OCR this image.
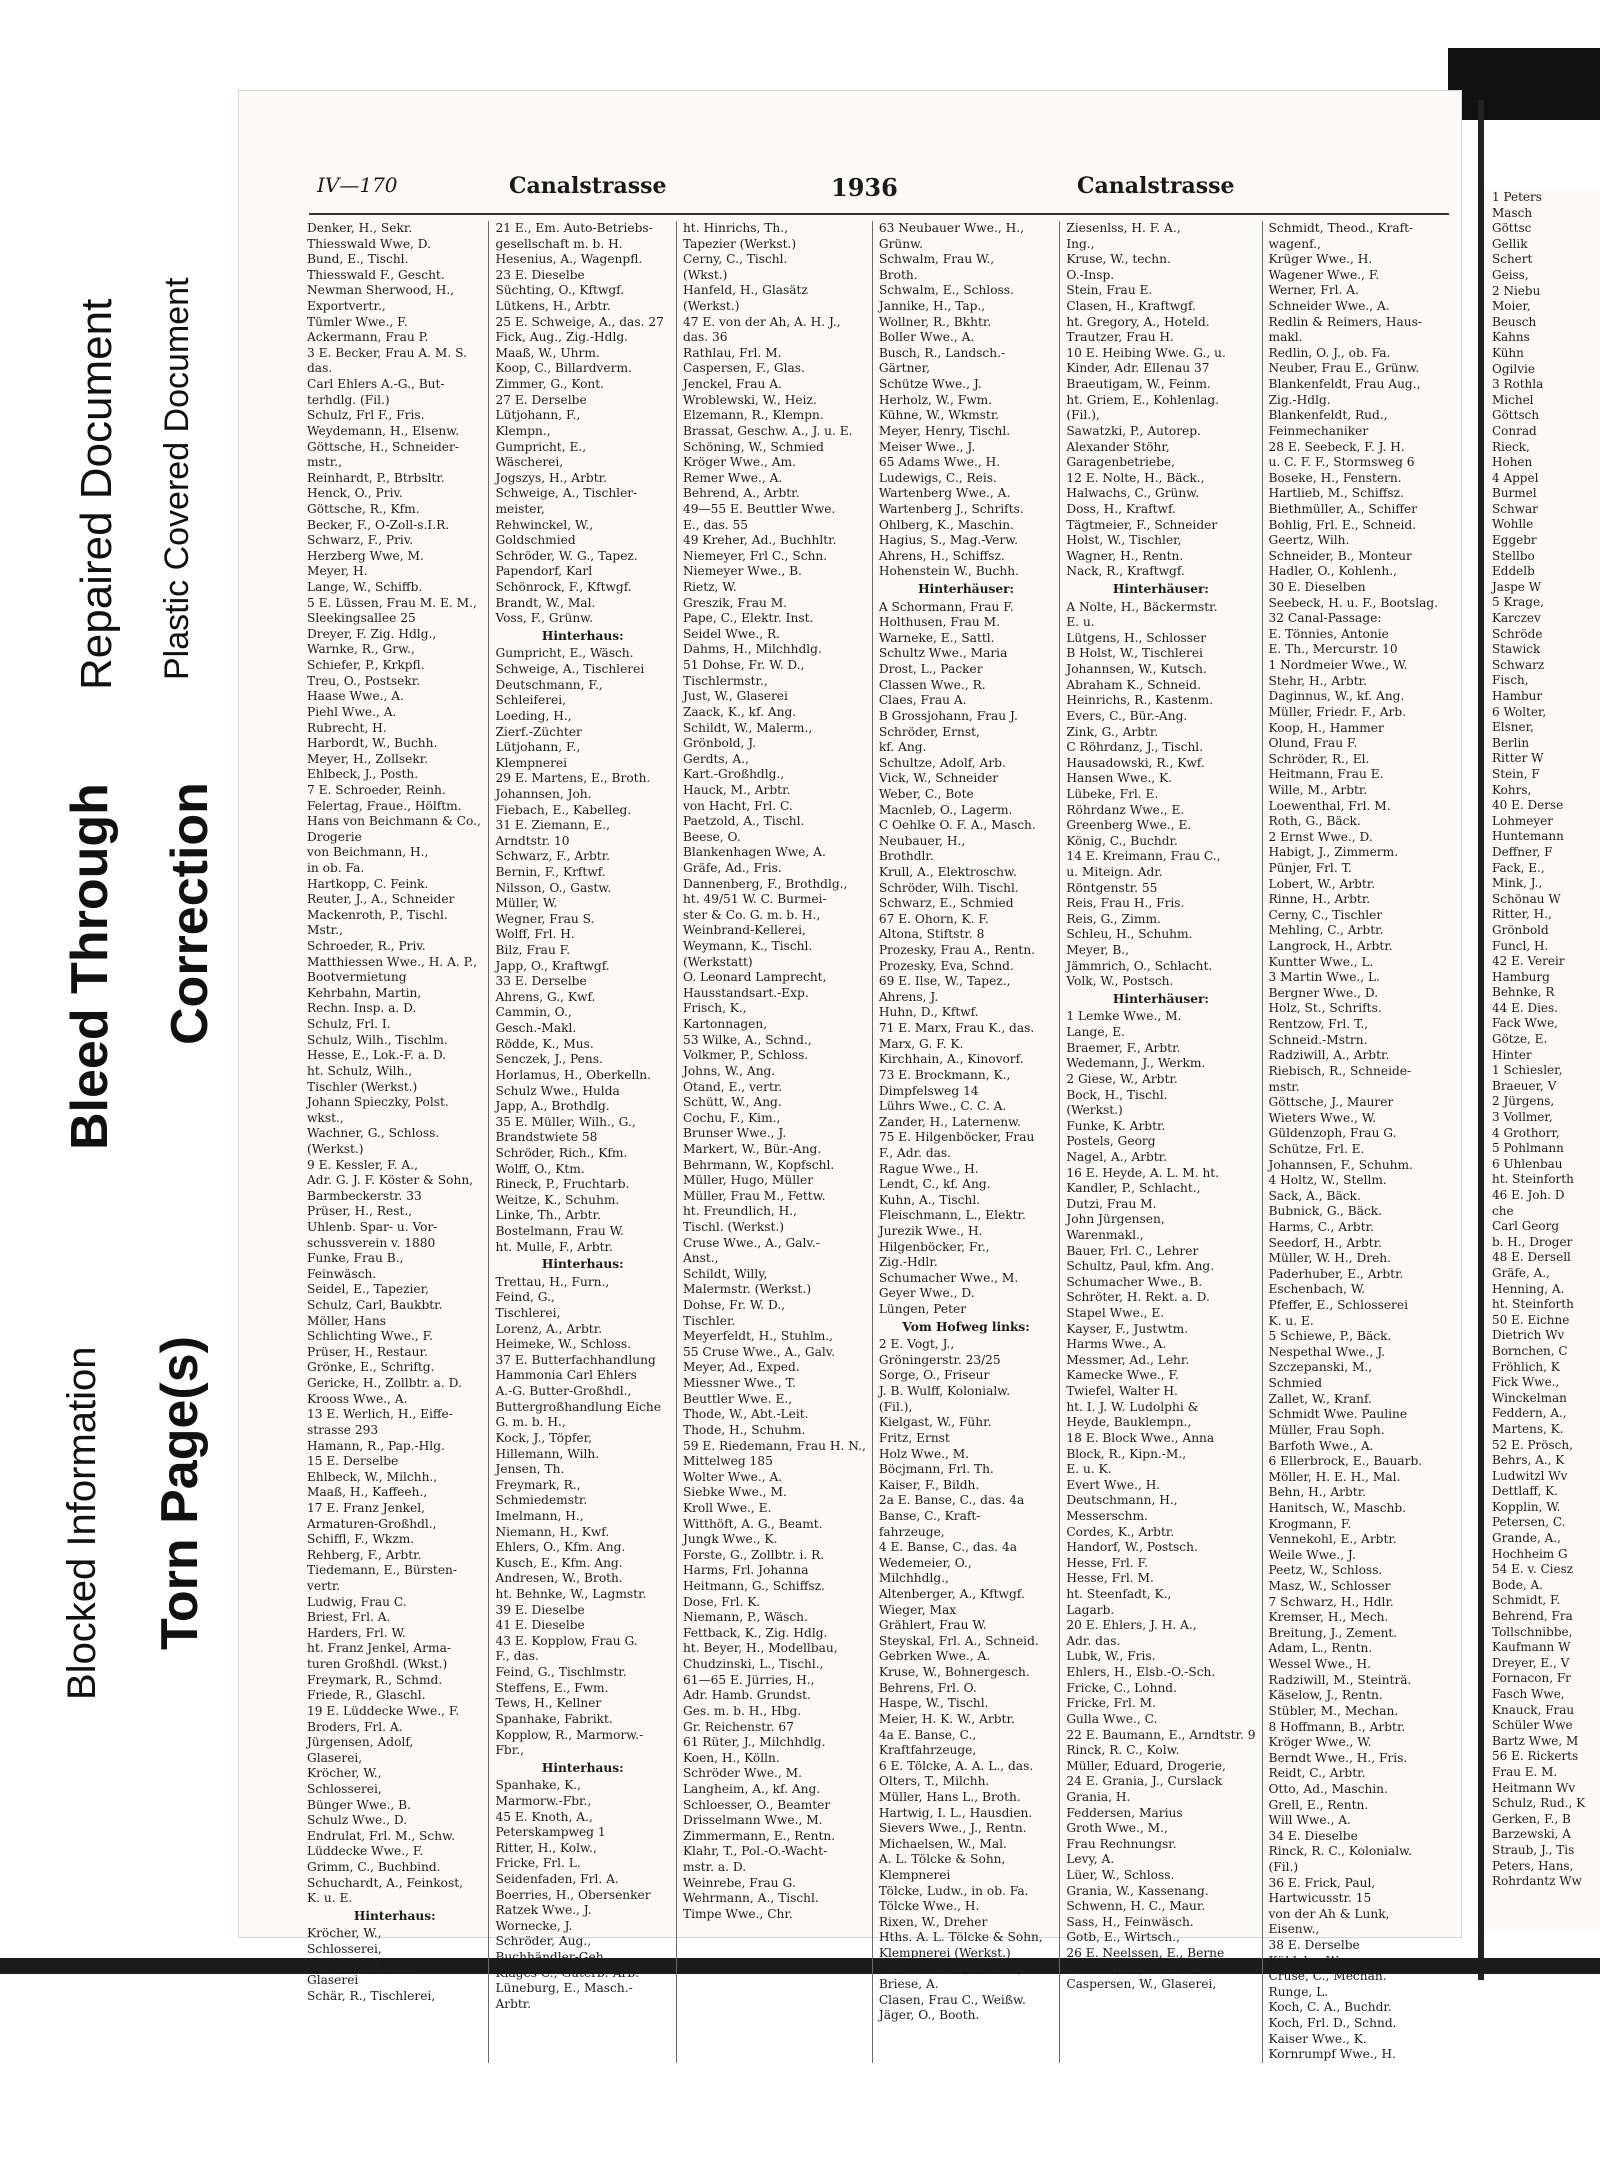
Repaired Document Plastic Covered Document
Bleed Through Correction
Blocked Information Torn Page(s)
IV—170	Canalstrasse	1936	Canalstrasse
Denker, H., Sekr.
Thiesswald Wwe, D.
Bund, E., Tischl.
Thiesswald F., Gescht.
Newman Sherwood, H.,
Exportvertr.,
Tümler Wwe., F.
Ackermann, Frau P.
3 E. Becker, Frau A. M. S.
das.
Carl Ehlers A.-G., But-
terhdlg. (Fil.)
Schulz, Frl F., Fris.
Weydemann, H., Elsenw.
Göttsche, H., Schneider-
mstr.,
Reinhardt, P., Btrbsltr.
Henck, O., Priv.
Göttsche, R., Kfm.
Becker, F., O-Zoll-s.I.R.
Schwarz, F., Priv.
Herzberg Wwe, M.
Meyer, H.
Lange, W., Schiffb.
5 E. Lüssen, Frau M. E. M.,
Sleekingsallee 25
Dreyer, F. Zig. Hdlg.,
Warnke, R., Grw.,
Schiefer, P., Krkpfl.
Treu, O., Postsekr.
Haase Wwe., A.
Piehl Wwe., A.
Rubrecht, H.
Harbordt, W., Buchh.
Meyer, H., Zollsekr.
Ehlbeck, J., Posth.
7 E. Schroeder, Reinh.
Felertag, Fraue., Hölftm.
Hans von Beichmann & Co.,
Drogerie
von Beichmann, H.,
in ob. Fa.
Hartkopp, C. Feink.
Reuter, J., A., Schneider
Mackenroth, P., Tischl.
Mstr.,
Schroeder, R., Priv.
Matthiessen Wwe., H. A. P.,
Bootvermietung
Kehrbahn, Martin,
Rechn. Insp. a. D.
Schulz, Frl. I.
Schulz, Wilh., Tischlm.
Hesse, E., Lok.-F. a. D.
ht. Schulz, Wilh.,
Tischler (Werkst.)
Johann Spieczky, Polst.
wkst.,
Wachner, G., Schloss.
(Werkst.)
9 E. Kessler, F. A.,
Adr. G. J. F. Köster & Sohn,
Barmbeckerstr. 33
Prüser, H., Rest.,
Uhlenb. Spar- u. Vor-
schussverein v. 1880
Funke, Frau B.,
Feinwäsch.
Seidel, E., Tapezier,
Schulz, Carl, Baukbtr.
Möller, Hans
Schlichting Wwe., F.
Prüser, H., Restaur.
Grönke, E., Schriftg.
Gericke, H., Zollbtr. a. D.
Krooss Wwe., A.
13 E. Werlich, H., Eiffe-
strasse 293
Hamann, R., Pap.-Hlg.
15 E. Derselbe
Ehlbeck, W., Milchh.,
Maaß, H., Kaffeeh.,
17 E. Franz Jenkel,
Armaturen-Großhdl.,
Schiffl, F., Wkzm.
Rehberg, F., Arbtr.
Tiedemann, E., Bürsten-
vertr.
Ludwig, Frau C.
Briest, Frl. A.
Harders, Frl. W.
ht. Franz Jenkel, Arma-
turen Großhdl. (Wkst.)
Freymark, R., Schmd.
Friede, R., Glaschl.
19 E. Lüddecke Wwe., F.
Broders, Frl. A.
Jürgensen, Adolf,
Glaserei,
Kröcher, W.,
Schlosserei,
Bünger Wwe., B.
Schulz Wwe., D.
Endrulat, Frl. M., Schw.
Lüddecke Wwe., F.
Grimm, C., Buchbind.
Schuchardt, A., Feinkost,
K. u. E.
Hinterhaus:
Kröcher, W.,
Schlosserei,
Jürgensen, Adolf,
Glaserei
Schär, R., Tischlerei,
21 E., Em. Auto-Betriebs-
gesellschaft m. b. H.
Hesenius, A., Wagenpfl.
23 E. Dieselbe
Süchting, O., Kftwgf.
Lütkens, H., Arbtr.
25 E. Schweige, A., das. 27
Fick, Aug., Zig.-Hdlg.
Maaß, W., Uhrm.
Koop, C., Billardverm.
Zimmer, G., Kont.
27 E. Derselbe
Lütjohann, F.,
Klempn.,
Gumpricht, E.,
Wäscherei,
Jogszys, H., Arbtr.
Schweige, A., Tischler-
meister,
Rehwinckel, W.,
Goldschmied
Schröder, W. G., Tapez.
Papendorf, Karl
Schönrock, F., Kftwgf.
Brandt, W., Mal.
Voss, F., Grünw.
Hinterhaus:
Gumpricht, E., Wäsch.
Schweige, A., Tischlerei
Deutschmann, F.,
Schleiferei,
Loeding, H.,
Zierf.-Züchter
Lütjohann, F.,
Klempnerei
29 E. Martens, E., Broth.
Johannsen, Joh.
Fiebach, E., Kabelleg.
31 E. Ziemann, E.,
Arndtstr. 10
Schwarz, F., Arbtr.
Bernin, F., Krftwf.
Nilsson, O., Gastw.
Müller, W.
Wegner, Frau S.
Wolff, Frl. H.
Bilz, Frau F.
Japp, O., Kraftwgf.
33 E. Derselbe
Ahrens, G., Kwf.
Cammin, O.,
Gesch.-Makl.
Rödde, K., Mus.
Senczek, J., Pens.
Horlamus, H., Oberkelln.
Schulz Wwe., Hulda
Japp, A., Brothdlg.
35 E. Müller, Wilh., G.,
Brandstwiete 58
Schröder, Rich., Kfm.
Wolff, O., Ktm.
Rineck, P., Fruchtarb.
Weitze, K., Schuhm.
Linke, Th., Arbtr.
Bostelmann, Frau W.
ht. Mulle, F., Arbtr.
Hinterhaus:
Trettau, H., Furn.,
Feind, G.,
Tischlerei,
Lorenz, A., Arbtr.
Heimeke, W., Schloss.
37 E. Butterfachhandlung
Hammonia Carl Ehlers
A.-G. Butter-Großhdl.,
Buttergroßhandlung Eiche
G. m. b. H.,
Kock, J., Töpfer,
Hillemann, Wilh.
Jensen, Th.
Freymark, R.,
Schmiedemstr.
Imelmann, H.,
Niemann, H., Kwf.
Ehlers, O., Kfm. Ang.
Kusch, E., Kfm. Ang.
Andresen, W., Broth.
ht. Behnke, W., Lagmstr.
39 E. Dieselbe
41 E. Dieselbe
43 E. Kopplow, Frau G.
F., das.
Feind, G., Tischlmstr.
Steffens, E., Fwm.
Tews, H., Kellner
Spanhake, Fabrikt.
Kopplow, R., Marmorw.-
Fbr.,
Hinterhaus:
Spanhake, K.,
Marmorw.-Fbr.,
45 E. Knoth, A.,
Peterskampweg 1
Ritter, H., Kolw.,
Fricke, Frl. L.
Seidenfaden, Frl. A.
Boerries, H., Obersenker
Ratzek Wwe., J.
Wornecke, J.
Schröder, Aug.,
Buchhändler-Geh.
Klages C., Güterb.-Arb.
Lüneburg, E., Masch.-
Arbtr.
ht. Hinrichs, Th.,
Tapezier (Werkst.)
Cerny, C., Tischl.
(Wkst.)
Hanfeld, H., Glasätz
(Werkst.)
47 E. von der Ah, A. H. J.,
das. 36
Rathlau, Frl. M.
Caspersen, F., Glas.
Jenckel, Frau A.
Wroblewski, W., Heiz.
Elzemann, R., Klempn.
Brassat, Geschw. A., J. u. E.
Schöning, W., Schmied
Kröger Wwe., Am.
Remer Wwe., A.
Behrend, A., Arbtr.
49—55 E. Beuttler Wwe.
E., das. 55
49 Kreher, Ad., Buchhltr.
Niemeyer, Frl C., Schn.
Niemeyer Wwe., B.
Rietz, W.
Greszik, Frau M.
Pape, C., Elektr. Inst.
Seidel Wwe., R.
Dahms, H., Milchhdlg.
51 Dohse, Fr. W. D.,
Tischlermstr.,
Just, W., Glaserei
Zaack, K., kf. Ang.
Schildt, W., Malerm.,
Grönbold, J.
Gerdts, A.,
Kart.-Großhdlg.,
Hauck, M., Arbtr.
von Hacht, Frl. C.
Paetzold, A., Tischl.
Beese, O.
Blankenhagen Wwe, A.
Gräfe, Ad., Fris.
Dannenberg, F., Brothdlg.,
ht. 49/51 W. C. Burmei-
ster & Co. G. m. b. H.,
Weinbrand-Kellerei,
Weymann, K., Tischl.
(Werkstatt)
O. Leonard Lamprecht,
Hausstandsart.-Exp.
Frisch, K.,
Kartonnagen,
53 Wilke, A., Schnd.,
Volkmer, P., Schloss.
Johns, W., Ang.
Otand, E., vertr.
Schütt, W., Ang.
Cochu, F., Kim.,
Brunser Wwe., J.
Markert, W., Bür.-Ang.
Behrmann, W., Kopfschl.
Müller, Hugo, Müller
Müller, Frau M., Fettw.
ht. Freundlich, H.,
Tischl. (Werkst.)
Cruse Wwe., A., Galv.-
Anst.,
Schildt, Willy,
Malermstr. (Werkst.)
Dohse, Fr. W. D.,
Tischler.
Meyerfeldt, H., Stuhlm.,
55 Cruse Wwe., A., Galv.
Meyer, Ad., Exped.
Miessner Wwe., T.
Beuttler Wwe. E.,
Thode, W., Abt.-Leit.
Thode, H., Schuhm.
59 E. Riedemann, Frau H. N.,
Mittelweg 185
Wolter Wwe., A.
Siebke Wwe., M.
Kroll Wwe., E.
Witthöft, A. G., Beamt.
Jungk Wwe., K.
Forste, G., Zollbtr. i. R.
Harms, Frl. Johanna
Heitmann, G., Schiffsz.
Dose, Frl. K.
Niemann, P., Wäsch.
Fettback, K., Zig. Hdlg.
ht. Beyer, H., Modellbau,
Chudzinski, L., Tischl.,
61—65 E. Jürries, H.,
Adr. Hamb. Grundst.
Ges. m. b. H., Hbg.
Gr. Reichenstr. 67
61 Rüter, J., Milchhdlg.
Koen, H., Kölln.
Schröder Wwe., M.
Langheim, A., kf. Ang.
Schloesser, O., Beamter
Drisselmann Wwe., M.
Zimmermann, E., Rentn.
Klahr, T., Pol.-O.-Wacht-
mstr. a. D.
Weinrebe, Frau G.
Wehrmann, A., Tischl.
Timpe Wwe., Chr.
63 Neubauer Wwe., H.,
Grünw.
Schwalm, Frau W.,
Broth.
Schwalm, E., Schloss.
Jannike, H., Tap.,
Wollner, R., Bkhtr.
Boller Wwe., A.
Busch, R., Landsch.-
Gärtner,
Schütze Wwe., J.
Herholz, W., Fwm.
Kühne, W., Wkmstr.
Meyer, Henry, Tischl.
Meiser Wwe., J.
65 Adams Wwe., H.
Ludewigs, C., Reis.
Wartenberg Wwe., A.
Wartenberg J., Schrifts.
Ohlberg, K., Maschin.
Hagius, S., Mag.-Verw.
Ahrens, H., Schiffsz.
Hohenstein W., Buchh.
Hinterhäuser:
A Schormann, Frau F.
Holthusen, Frau M.
Warneke, E., Sattl.
Schultz Wwe., Maria
Drost, L., Packer
Classen Wwe., R.
Claes, Frau A.
B Grossjohann, Frau J.
Schröder, Ernst,
kf. Ang.
Schultze, Adolf, Arb.
Vick, W., Schneider
Weber, C., Bote
Macnleb, O., Lagerm.
C Oehlke O. F. A., Masch.
Neubauer, H.,
Brothdlr.
Krull, A., Elektroschw.
Schröder, Wilh. Tischl.
Schwarz, E., Schmied
67 E. Ohorn, K. F.
Altona, Stiftstr. 8
Prozesky, Frau A., Rentn.
Prozesky, Eva, Schnd.
69 E. Ilse, W., Tapez.,
Ahrens, J.
Huhn, D., Kftwf.
71 E. Marx, Frau K., das.
Marx, G. F. K.
Kirchhain, A., Kinovorf.
73 E. Brockmann, K.,
Dimpfelsweg 14
Lührs Wwe., C. C. A.
Zander, H., Laternenw.
75 E. Hilgenböcker, Frau
F., Adr. das.
Rague Wwe., H.
Lendt, C., kf. Ang.
Kuhn, A., Tischl.
Fleischmann, L., Elektr.
Jurezik Wwe., H.
Hilgenböcker, Fr.,
Zig.-Hdlr.
Schumacher Wwe., M.
Geyer Wwe., D.
Lüngen, Peter
Vom Hofweg links:
2 E. Vogt, J.,
Gröningerstr. 23/25
Sorge, O., Friseur
J. B. Wulff, Kolonialw.
(Fil.),
Kielgast, W., Führ.
Fritz, Ernst
Holz Wwe., M.
Böcjmann, Frl. Th.
Kaiser, F., Bildh.
2a E. Banse, C., das. 4a
Banse, C., Kraft-
fahrzeuge,
4 E. Banse, C., das. 4a
Wedemeier, O.,
Milchhdlg.,
Altenberger, A., Kftwgf.
Wieger, Max
Grählert, Frau W.
Steyskal, Frl. A., Schneid.
Gebrken Wwe., A.
Kruse, W., Bohnergesch.
Behrens, Frl. O.
Haspe, W., Tischl.
Meier, H. K. W., Arbtr.
4a E. Banse, C.,
Kraftfahrzeuge,
6 E. Tölcke, A. A. L., das.
Olters, T., Milchh.
Müller, Hans L., Broth.
Hartwig, I. L., Hausdien.
Sievers Wwe., J., Rentn.
Michaelsen, W., Mal.
A. L. Tölcke & Sohn,
Klempnerei
Tölcke, Ludw., in ob. Fa.
Tölcke Wwe., H.
Rixen, W., Dreher
Hths. A. L. Tölcke & Sohn,
Klempnerei (Werkst.)
8 E. Ziesenlss, H. F. A., das.
Briese, A.
Clasen, Frau C., Weißw.
Jäger, O., Booth.
Ziesenlss, H. F. A.,
Ing.,
Kruse, W., techn.
O.-Insp.
Stein, Frau E.
Clasen, H., Kraftwgf.
ht. Gregory, A., Hoteld.
Trautzer, Frau H.
10 E. Heibing Wwe. G., u.
Kinder, Adr. Ellenau 37
Braeutigam, W., Feinm.
ht. Griem, E., Kohlenlag.
(Fil.),
Sawatzki, P., Autorep.
Alexander Stöhr,
Garagenbetriebe,
12 E. Nolte, H., Bäck.,
Halwachs, C., Grünw.
Doss, H., Kraftwf.
Tägtmeier, F., Schneider
Holst, W., Tischler,
Wagner, H., Rentn.
Nack, R., Kraftwgf.
Hinterhäuser:
A Nolte, H., Bäckermstr.
E. u.
Lütgens, H., Schlosser
B Holst, W., Tischlerei
Johannsen, W., Kutsch.
Abraham K., Schneid.
Heinrichs, R., Kastenm.
Evers, C., Bür.-Ang.
Zink, G., Arbtr.
C Röhrdanz, J., Tischl.
Hausadowski, R., Kwf.
Hansen Wwe., K.
Lübeke, Frl. E.
Röhrdanz Wwe., E.
Greenberg Wwe., E.
König, C., Buchdr.
14 E. Kreimann, Frau C.,
u. Miteign. Adr.
Röntgenstr. 55
Reis, Frau H., Fris.
Reis, G., Zimm.
Schleu, H., Schuhm.
Meyer, B.,
Jämmrich, O., Schlacht.
Volk, W., Postsch.
Hinterhäuser:
1 Lemke Wwe., M.
Lange, E.
Braemer, F., Arbtr.
Wedemann, J., Werkm.
2 Giese, W., Arbtr.
Bock, H., Tischl.
(Werkst.)
Funke, K. Arbtr.
Postels, Georg
Nagel, A., Arbtr.
16 E. Heyde, A. L. M. ht.
Kandler, P., Schlacht.,
Dutzi, Frau M.
John Jürgensen,
Warenmakl.,
Bauer, Frl. C., Lehrer
Schultz, Paul, kfm. Ang.
Schumacher Wwe., B.
Schröter, H. Rekt. a. D.
Stapel Wwe., E.
Kayser, F., Justwtm.
Harms Wwe., A.
Messmer, Ad., Lehr.
Kamecke Wwe., F.
Twiefel, Walter H.
ht. I. J. W. Ludolphi &
Heyde, Bauklempn.,
18 E. Block Wwe., Anna
Block, R., Kipn.-M.,
E. u. K.
Evert Wwe., H.
Deutschmann, H.,
Messerschm.
Cordes, K., Arbtr.
Handorf, W., Postsch.
Hesse, Frl. F.
Hesse, Frl. M.
ht. Steenfadt, K.,
Lagarb.
20 E. Ehlers, J. H. A.,
Adr. das.
Lubk, W., Fris.
Ehlers, H., Elsb.-O.-Sch.
Fricke, C., Lohnd.
Fricke, Frl. M.
Gulla Wwe., C.
22 E. Baumann, E., Arndtstr. 9
Rinck, R. C., Kolw.
Müller, Eduard, Drogerie,
24 E. Grania, J., Curslack
Grania, H.
Feddersen, Marius
Groth Wwe., M.,
Frau Rechnungsr.
Levy, A.
Lüer, W., Schloss.
Grania, W., Kassenang.
Schwenn, H. C., Maur.
Sass, H., Feinwäsch.
Gotb, E., Wirtsch.,
26 E. Neelssen, E., Berne
Haufeld, H., Glasätz.,
Caspersen, W., Glaserei,
Schmidt, Theod., Kraft-
wagenf.,
Krüger Wwe., H.
Wagener Wwe., F.
Werner, Frl. A.
Schneider Wwe., A.
Redlin & Reimers, Haus-
makl.
Redlin, O. J., ob. Fa.
Neuber, Frau E., Grünw.
Blankenfeldt, Frau Aug.,
Zig.-Hdlg.
Blankenfeldt, Rud.,
Feinmechaniker
28 E. Seebeck, F. J. H.
u. C. F. F., Stormsweg 6
Boseke, H., Fenstern.
Hartlieb, M., Schiffsz.
Biethmüller, A., Schiffer
Bohlig, Frl. E., Schneid.
Geertz, Wilh.
Schneider, B., Monteur
Hadler, O., Kohlenh.,
30 E. Dieselben
Seebeck, H. u. F., Bootslag.
32 Canal-Passage:
E. Tönnies, Antonie
E. Th., Mercurstr. 10
1 Nordmeier Wwe., W.
Stehr, H., Arbtr.
Daginnus, W., kf. Ang.
Müller, Friedr. F., Arb.
Koop, H., Hammer
Olund, Frau F.
Schröder, R., El.
Heitmann, Frau E.
Wille, M., Arbtr.
Loewenthal, Frl. M.
Roth, G., Bäck.
2 Ernst Wwe., D.
Habigt, J., Zimmerm.
Pünjer, Frl. T.
Lobert, W., Arbtr.
Rinne, H., Arbtr.
Cerny, C., Tischler
Mehling, C., Arbtr.
Langrock, H., Arbtr.
Kuntter Wwe., L.
3 Martin Wwe., L.
Bergner Wwe., D.
Holz, St., Schrifts.
Rentzow, Frl. T.,
Schneid.-Mstrn.
Radziwill, A., Arbtr.
Riebisch, R., Schneide-
mstr.
Göttsche, J., Maurer
Wieters Wwe., W.
Güldenzoph, Frau G.
Schütze, Frl. E.
Johannsen, F., Schuhm.
4 Holtz, W., Stellm.
Sack, A., Bäck.
Bubnick, G., Bäck.
Harms, C., Arbtr.
Seedorf, H., Arbtr.
Müller, W. H., Dreh.
Paderhuber, E., Arbtr.
Eschenbach, W.
Pfeffer, E., Schlosserei
K. u. E.
5 Schiewe, P., Bäck.
Nespethal Wwe., J.
Szczepanski, M.,
Schmied
Zallet, W., Kranf.
Schmidt Wwe. Pauline
Müller, Frau Soph.
Barfoth Wwe., A.
6 Ellerbrock, E., Bauarb.
Möller, H. E. H., Mal.
Behn, H., Arbtr.
Hanitsch, W., Maschb.
Krogmann, F.
Vennekohl, E., Arbtr.
Weile Wwe., J.
Peetz, W., Schloss.
Masz, W., Schlosser
7 Schwarz, H., Hdlr.
Kremser, H., Mech.
Breitung, J., Zement.
Adam, L., Rentn.
Wessel Wwe., H.
Radziwill, M., Steinträ.
Käselow, J., Rentn.
Stübler, M., Mechan.
8 Hoffmann, B., Arbtr.
Kröger Wwe., W.
Berndt Wwe., H., Fris.
Reidt, C., Arbtr.
Otto, Ad., Maschin.
Grell, E., Rentn.
Will Wwe., A.
34 E. Dieselbe
Rinck, R. C., Kolonialw.
(Fil.)
36 E. Frick, Paul,
Hartwicusstr. 15
von der Ah & Lunk,
Eisenw.,
38 E. Derselbe
Kühlcke, W.
Cruse, C., Mechan.
Runge, L.
Koch, C. A., Buchdr.
Koch, Frl. D., Schnd.
Kaiser Wwe., K.
Kornrumpf Wwe., H.
1 Peters
Masch
Göttsc
Gellik
Schert
Geiss,
2 Niebu
Moier,
Beusch
Kahns
Kühn
Ogilvie
3 Rothla
Michel
Göttsch
Conrad
Rieck,
Hohen
4 Appel
Burmel
Schwar
Wohlle
Eggebr
Stellbo
Eddelb
Jaspe W
5 Krage,
Karczev
Schröde
Stawick
Schwarz
Fisch,
Hambur
6 Wolter,
Elsner,
Berlin
Ritter W
Stein, F
Kohrs,
40 E. Derse
Lohmeyer
Huntemann
Deffner, F
Fack, E.,
Mink, J.,
Schönau W
Ritter, H.,
Grönbold
Funcl, H.
42 E. Vereir
Hamburg
Behnke, R
44 E. Dies.
Fack Wwe,
Götze, E.
Hinter
1 Schiesler,
Braeuer, V
2 Jürgens,
3 Vollmer,
4 Grothorr,
5 Pohlmann
6 Uhlenbau
ht. Steinforth
46 E. Joh. D
che
Carl Georg
b. H., Droger
48 E. Dersell
Gräfe, A.,
Henning, A.
ht. Steinforth
50 E. Eichne
Dietrich Wv
Bornchen, C
Fröhlich, K
Fick Wwe.,
Winckelman
Feddern, A.,
Martens, K.
52 E. Prösch,
Behrs, A., K
Ludwitzl Wv
Dettlaff, K.
Kopplin, W.
Petersen, C.
Grande, A.,
Hochheim G
54 E. v. Ciesz
Bode, A.
Schmidt, F.
Behrend, Fra
Tollschnibbe,
Kaufmann W
Dreyer, E., V
Fornacon, Fr
Fasch Wwe,
Knauck, Frau
Schüler Wwe
Bartz Wwe, M
56 E. Rickerts
Frau E. M.
Heitmann Wv
Schulz, Rud., K
Gerken, F., B
Barzewski, A
Straub, J., Tis
Peters, Hans,
Rohrdantz Ww
